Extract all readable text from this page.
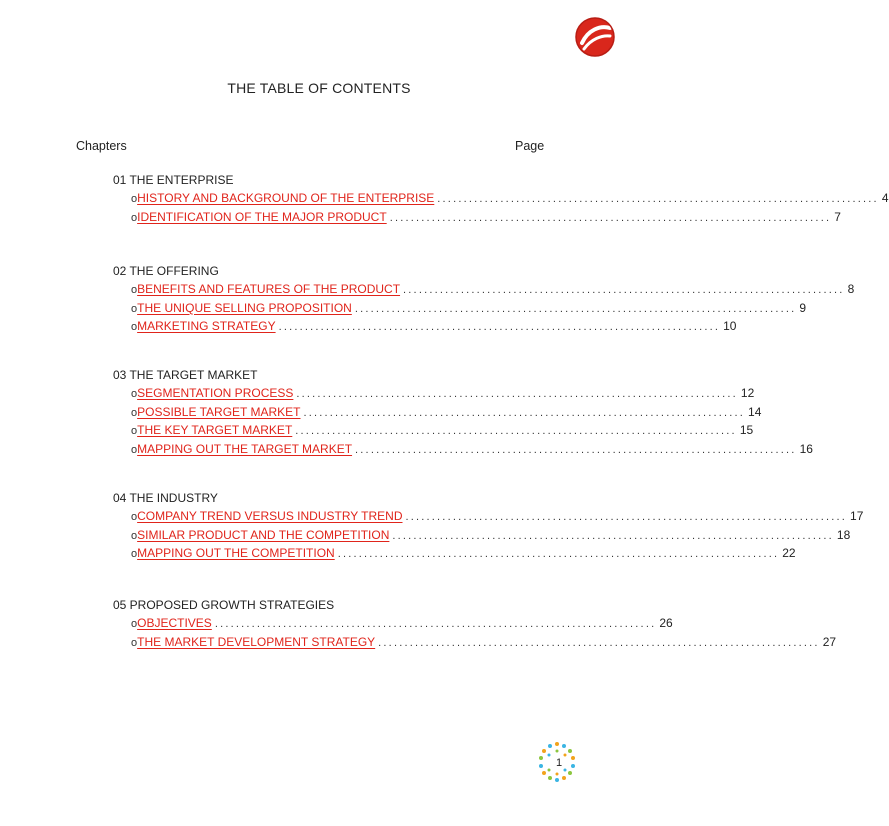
THE TABLE OF CONTENTS
Chapters	Page
01 THE ENTERPRISE
o HISTORY AND BACKGROUND OF THE ENTERPRISE .................................................................................... 4
o IDENTIFICATION OF THE MAJOR PRODUCT .................................................................................... 7
02 THE OFFERING
o BENEFITS AND FEATURES OF THE PRODUCT .................................................................................... 8
o THE UNIQUE SELLING PROPOSITION .................................................................................... 9
o MARKETING STRATEGY .................................................................................... 10
03 THE TARGET MARKET
o SEGMENTATION PROCESS .................................................................................... 12
o POSSIBLE TARGET MARKET .................................................................................... 14
o THE KEY TARGET MARKET .................................................................................... 15
o MAPPING OUT THE TARGET MARKET .................................................................................... 16
04 THE INDUSTRY
o COMPANY TREND VERSUS INDUSTRY TREND .................................................................................... 17
o SIMILAR PRODUCT AND THE COMPETITION .................................................................................... 18
o MAPPING OUT THE COMPETITION .................................................................................... 22
05 PROPOSED GROWTH STRATEGIES
o OBJECTIVES .................................................................................... 26
o THE MARKET DEVELOPMENT STRATEGY .................................................................................... 27
1
